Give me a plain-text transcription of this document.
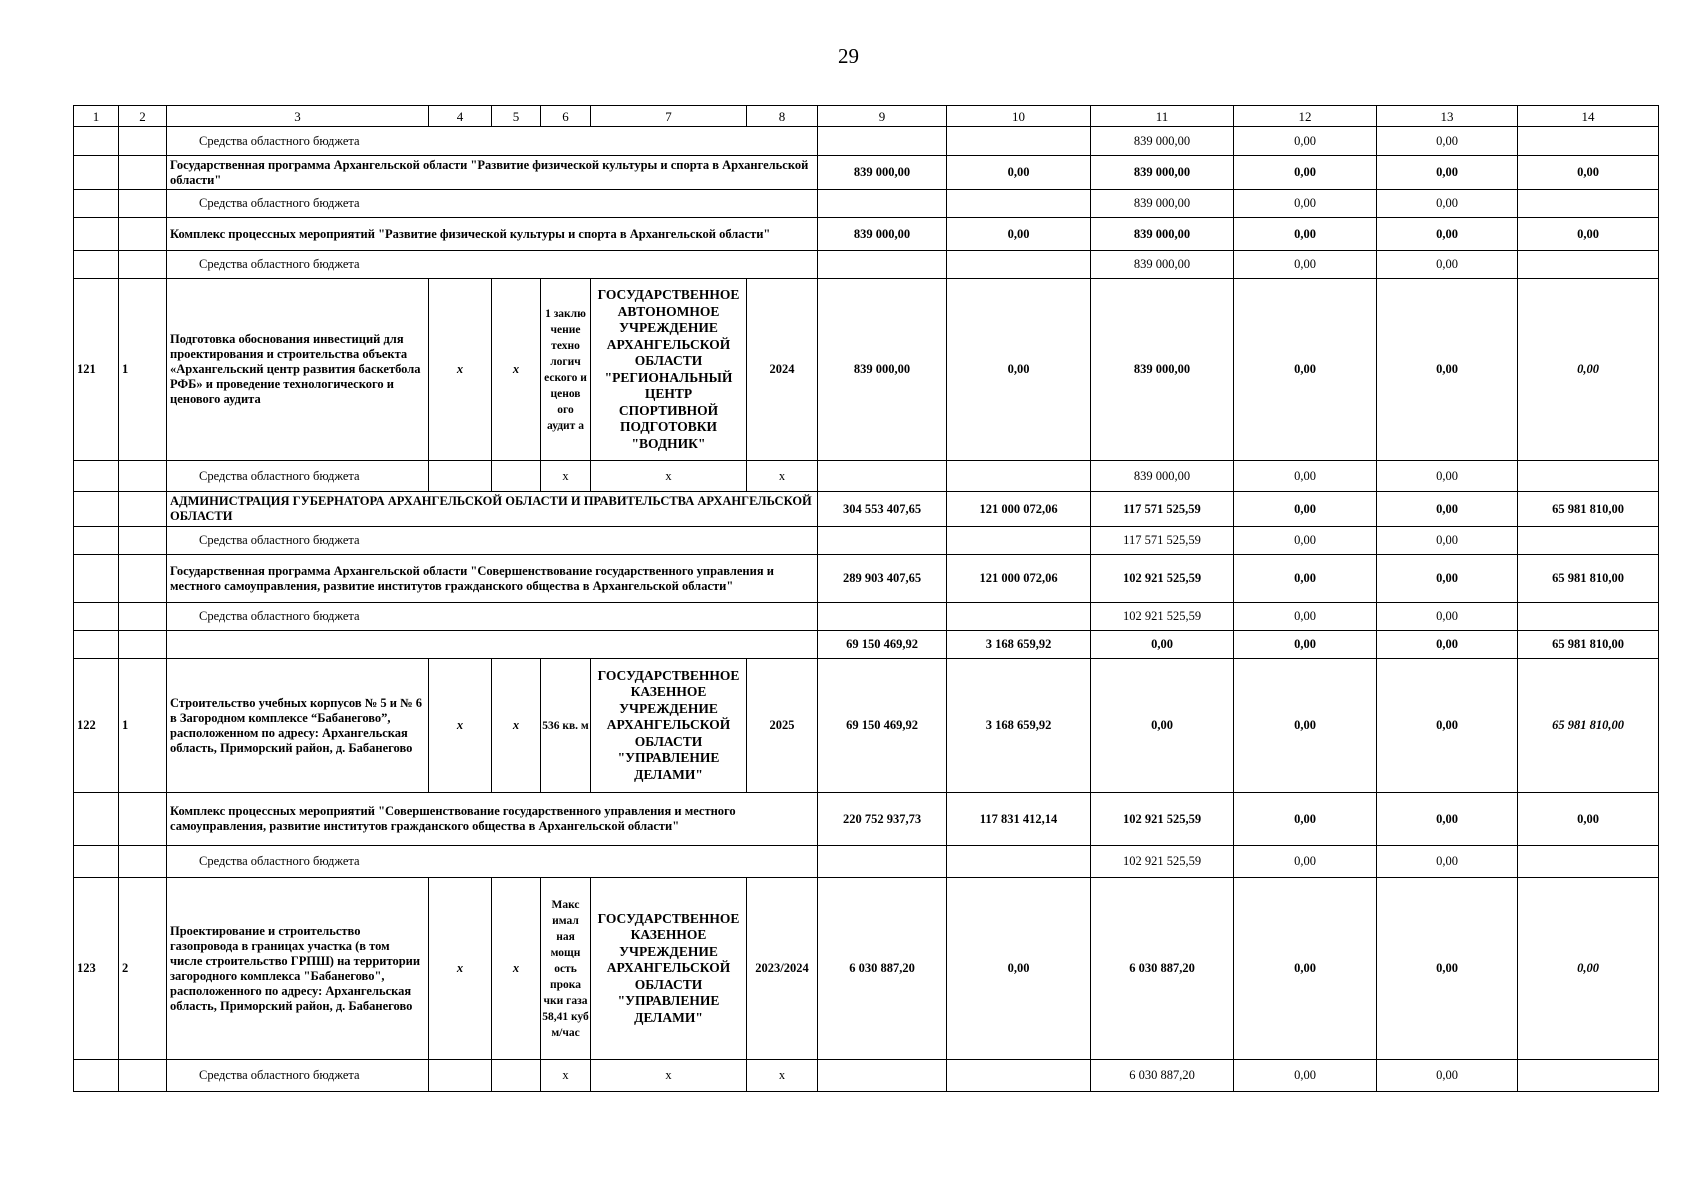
29
1	2	3	4	5	6	7	8	9	10	11	12	13	14
		Средства областного бюджета								839 000,00	0,00	0,00	
		Государственная программа Архангельской области "Развитие физической культуры и спорта в Архангельской области"						839 000,00	0,00	839 000,00	0,00	0,00	0,00
		Средства областного бюджета								839 000,00	0,00	0,00	
		Комплекс процессных мероприятий "Развитие физической культуры и спорта в Архангельской области"						839 000,00	0,00	839 000,00	0,00	0,00	0,00
		Средства областного бюджета								839 000,00	0,00	0,00	
121	1	Подготовка обоснования инвестиций для проектирования и строительства объекта «Архангельский центр развития баскетбола РФБ» и проведение технологического и ценового аудита	x	x	1 заклю чение техно логич еского и ценов ого аудит а	ГОСУДАРСТВЕННОЕ АВТОНОМНОЕ УЧРЕЖДЕНИЕ АРХАНГЕЛЬСКОЙ ОБЛАСТИ "РЕГИОНАЛЬНЫЙ ЦЕНТР СПОРТИВНОЙ ПОДГОТОВКИ "ВОДНИК"	2024	839 000,00	0,00	839 000,00	0,00	0,00	0,00
		Средства областного бюджета			x	x	x			839 000,00	0,00	0,00	
		АДМИНИСТРАЦИЯ ГУБЕРНАТОРА АРХАНГЕЛЬСКОЙ ОБЛАСТИ И ПРАВИТЕЛЬСТВА АРХАНГЕЛЬСКОЙ ОБЛАСТИ						304 553 407,65	121 000 072,06	117 571 525,59	0,00	0,00	65 981 810,00
		Средства областного бюджета								117 571 525,59	0,00	0,00	
		Государственная программа Архангельской области "Совершенствование государственного управления и местного самоуправления, развитие институтов гражданского общества в Архангельской области"						289 903 407,65	121 000 072,06	102 921 525,59	0,00	0,00	65 981 810,00
		Средства областного бюджета								102 921 525,59	0,00	0,00	
								69 150 469,92	3 168 659,92	0,00	0,00	0,00	65 981 810,00
122	1	Строительство учебных корпусов № 5 и № 6 в Загородном комплексе “Бабанегово”, расположенном по адресу: Архангельская область, Приморский район, д. Бабанегово	x	x	536 кв. м	ГОСУДАРСТВЕННОЕ КАЗЕННОЕ УЧРЕЖДЕНИЕ АРХАНГЕЛЬСКОЙ ОБЛАСТИ "УПРАВЛЕНИЕ ДЕЛАМИ"	2025	69 150 469,92	3 168 659,92	0,00	0,00	0,00	65 981 810,00
		Комплекс процессных мероприятий "Совершенствование государственного управления и местного самоуправления, развитие институтов гражданского общества в Архангельской области"						220 752 937,73	117 831 412,14	102 921 525,59	0,00	0,00	0,00
		Средства областного бюджета								102 921 525,59	0,00	0,00	
123	2	Проектирование и строительство газопровода в границах участка (в том числе строительство ГРПШ) на территории загородного комплекса "Бабанегово", расположенного по адресу: Архангельская область, Приморский район, д. Бабанегово	x	x	Макс имал ная мощн ость прока чки газа 58,41 куб м/час	ГОСУДАРСТВЕННОЕ КАЗЕННОЕ УЧРЕЖДЕНИЕ АРХАНГЕЛЬСКОЙ ОБЛАСТИ "УПРАВЛЕНИЕ ДЕЛАМИ"	2023/2024	6 030 887,20	0,00	6 030 887,20	0,00	0,00	0,00
		Средства областного бюджета			x	x	x			6 030 887,20	0,00	0,00	
